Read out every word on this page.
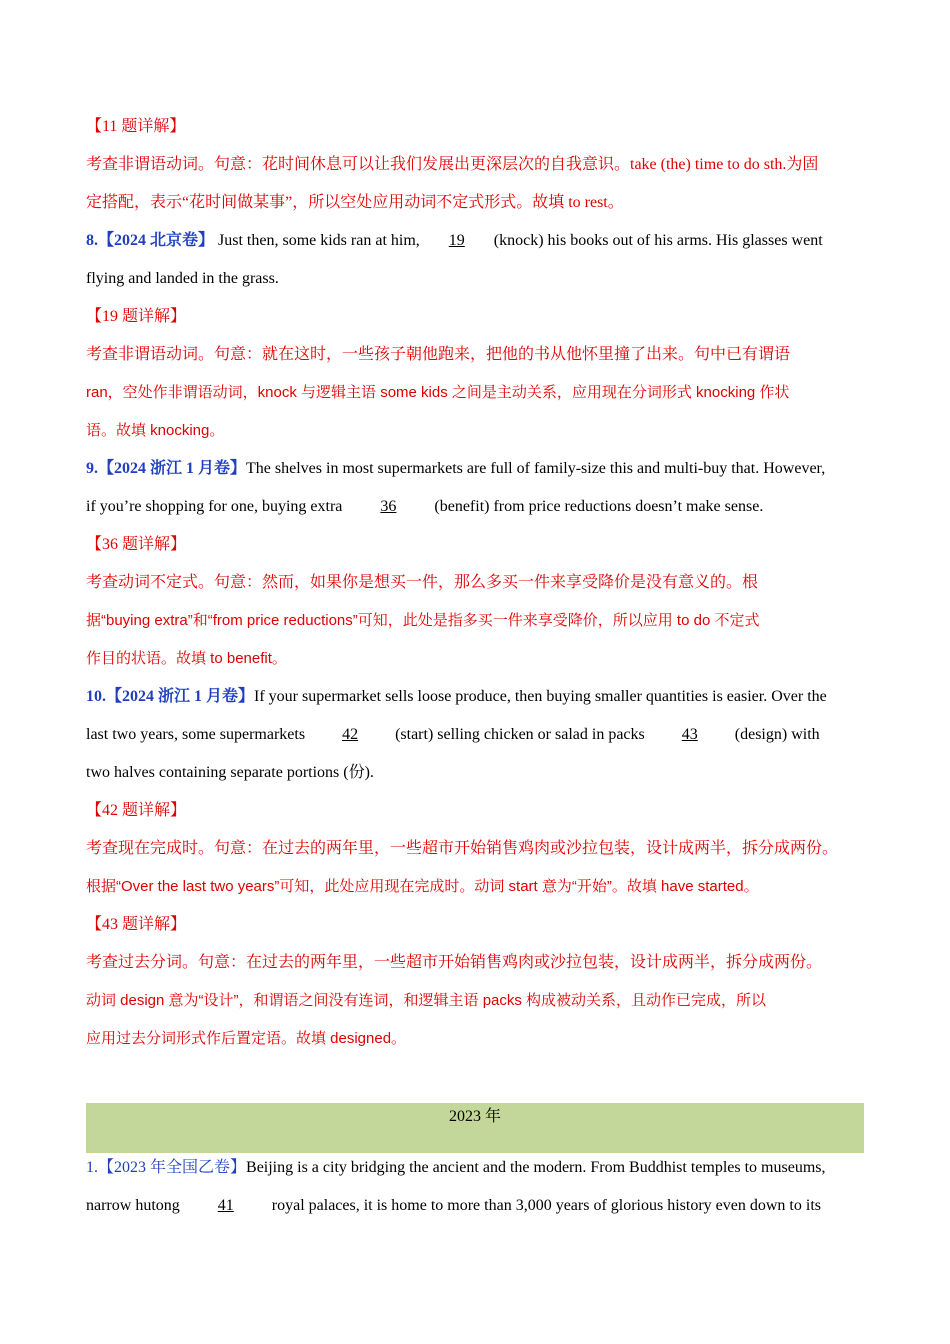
【11 题详解】
考查非谓语动词。句意：花时间休息可以让我们发展出更深层次的自我意识。take (the) time to do sth.为固
定搭配，表示“花时间做某事”，所以空处应用动词不定式形式。故填 to rest。
8.【2024 北京卷】 Just then, some kids ran at him, 19 (knock) his books out of his arms. His glasses went
flying and landed in the grass.
【19 题详解】
考查非谓语动词。句意：就在这时，一些孩子朝他跑来，把他的书从他怀里撞了出来。句中已有谓语
ran，空处作非谓语动词，knock 与逻辑主语 some kids 之间是主动关系，应用现在分词形式 knocking 作状
语。故填 knocking。
9.【2024 浙江 1 月卷】The shelves in most supermarkets are full of family-size this and multi-buy that. However,
if you’re shopping for one, buying extra 36 (benefit) from price reductions doesn’t make sense.
【36 题详解】
考查动词不定式。句意：然而，如果你是想买一件，那么多买一件来享受降价是没有意义的。根
据“buying extra”和“from price reductions”可知，此处是指多买一件来享受降价，所以应用 to do 不定式
作目的状语。故填 to benefit。
10.【2024 浙江 1 月卷】If your supermarket sells loose produce, then buying smaller quantities is easier. Over the
last two years, some supermarkets 42 (start) selling chicken or salad in packs 43 (design) with
two halves containing separate portions (份).
【42 题详解】
考查现在完成时。句意：在过去的两年里，一些超市开始销售鸡肉或沙拉包装，设计成两半，拆分成两份。
根据“Over the last two years”可知，此处应用现在完成时。动词 start 意为“开始”。故填 have started。
【43 题详解】
考查过去分词。句意：在过去的两年里，一些超市开始销售鸡肉或沙拉包装，设计成两半，拆分成两份。
动词 design 意为“设计”，和谓语之间没有连词，和逻辑主语 packs 构成被动关系，且动作已完成，所以
应用过去分词形式作后置定语。故填 designed。
2023 年
1.【2023 年全国乙卷】Beijing is a city bridging the ancient and the modern. From Buddhist temples to museums,
narrow hutong 41 royal palaces, it is home to more than 3,000 years of glorious history even down to its
